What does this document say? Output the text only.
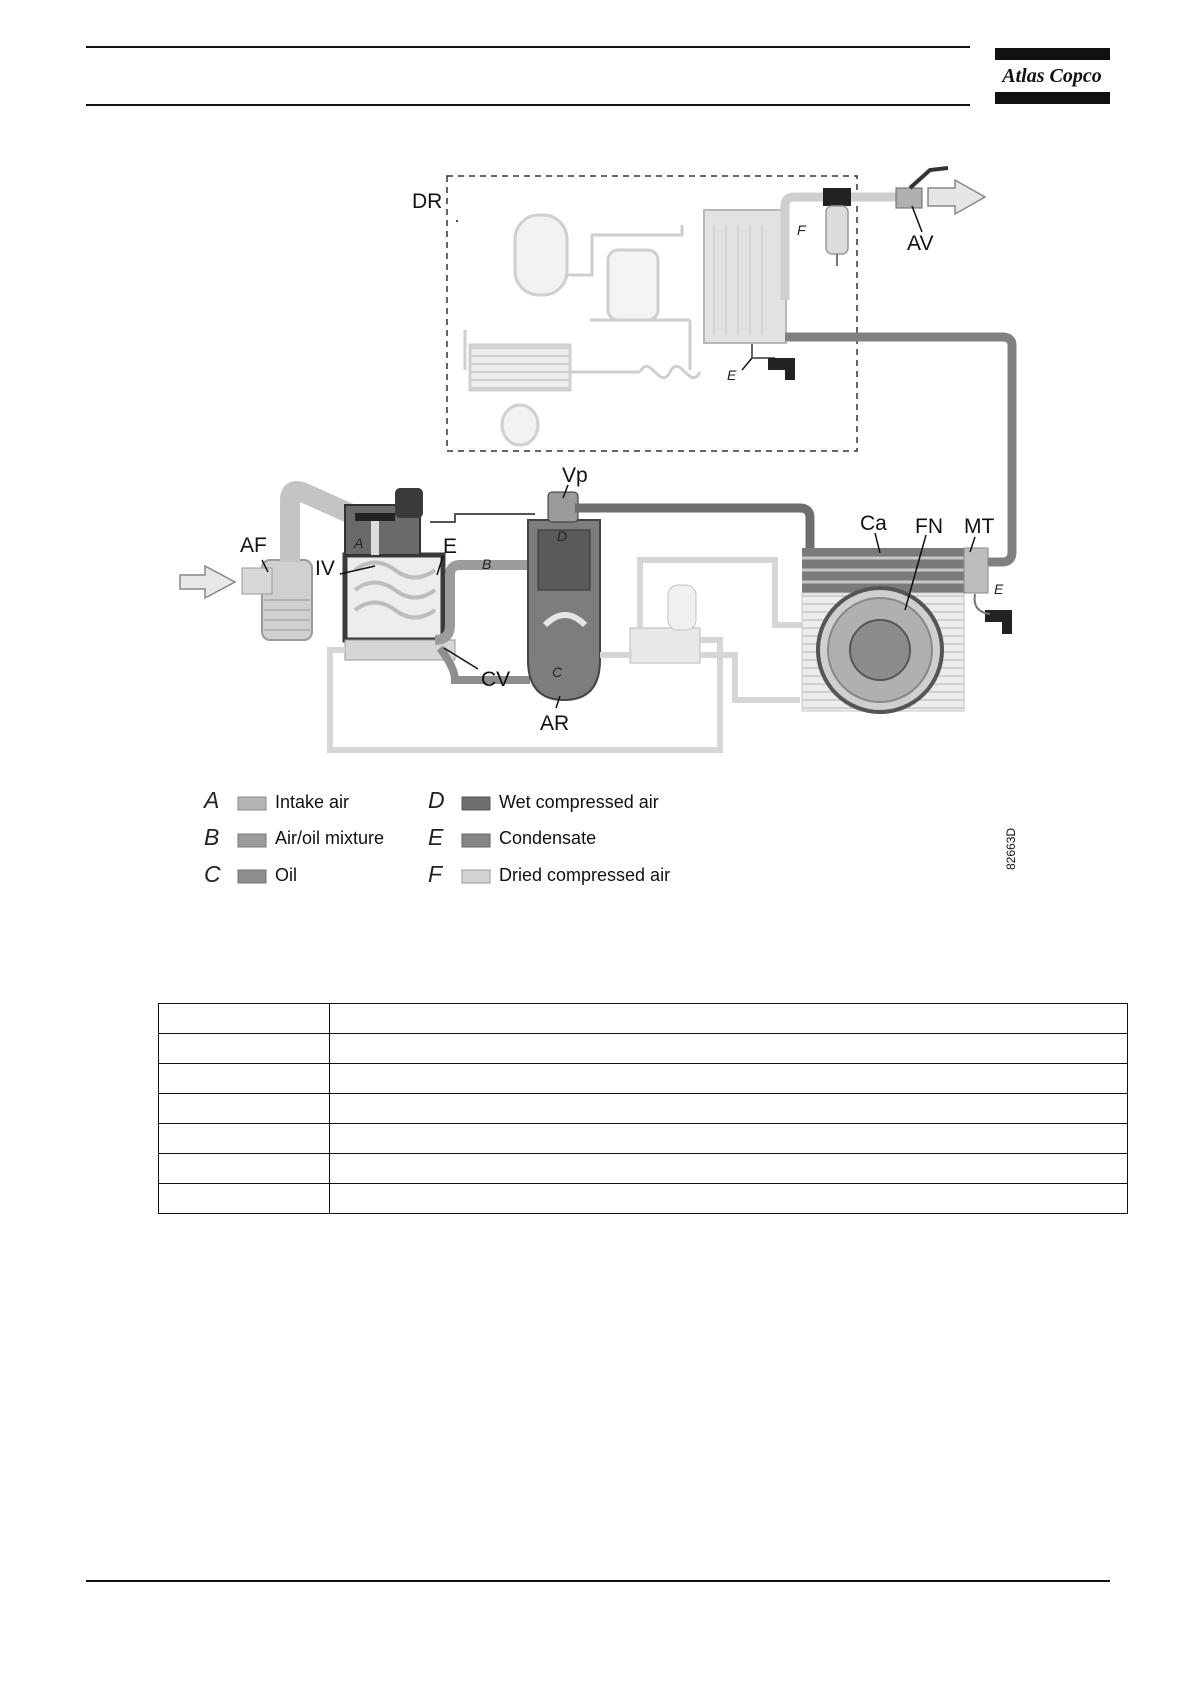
Atlas Copco
DR
AF
IV
E
Vp
Ca FN MT
AV
CV
AR
A
B
C
D
E
E
F
82663D
A	Intake air
B	Air/oil mixture
C	Oil
D	Wet compressed air
E	Condensate
F	Dried compressed air
